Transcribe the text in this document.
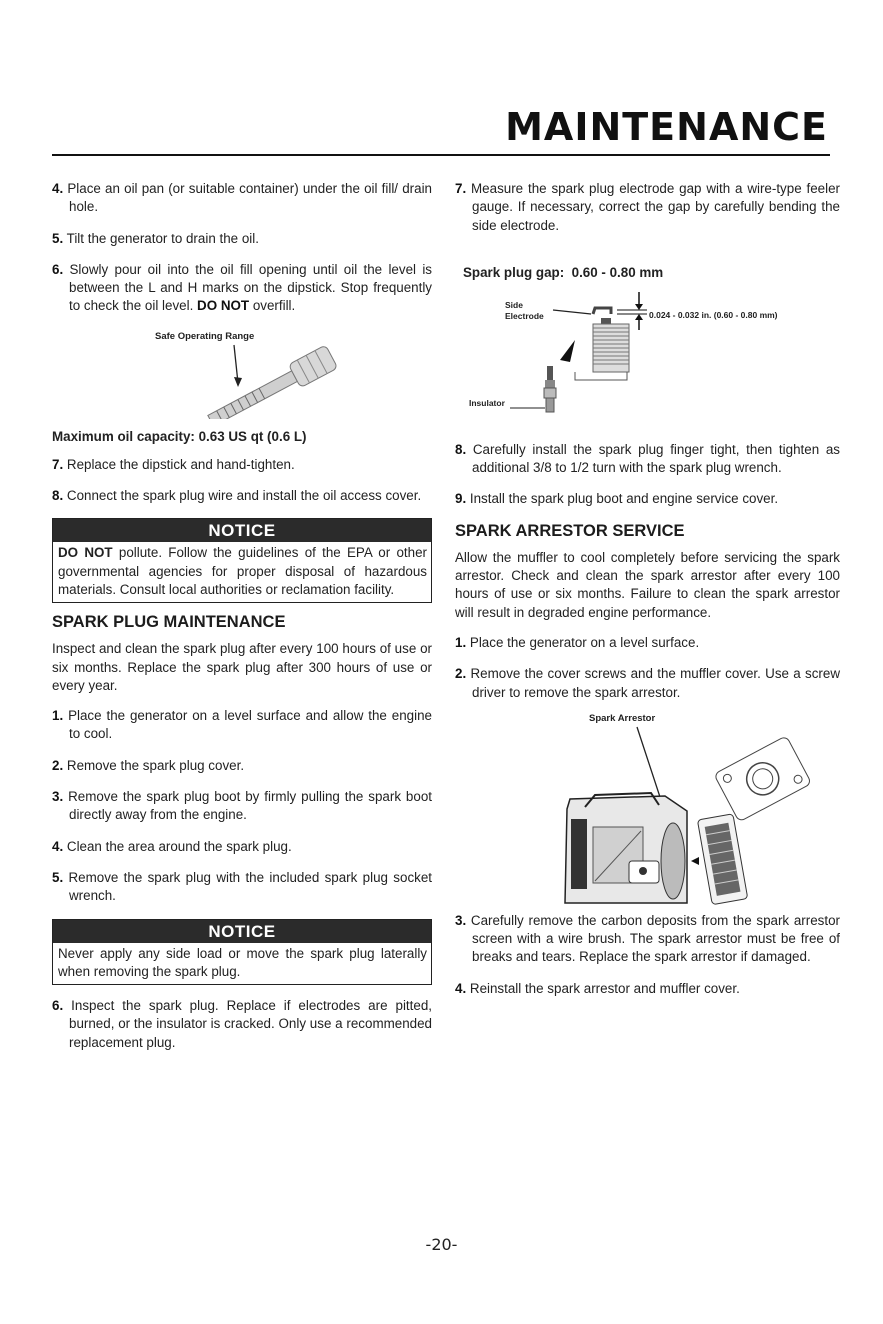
MAINTENANCE

4. Place an oil pan (or suitable container) under the oil fill/ drain hole.

5. Tilt the generator to drain the oil.

6. Slowly pour oil into the oil fill opening until oil the level is between the L and H marks on the dipstick. Stop frequently to check the oil level. DO NOT overfill.

Safe Operating Range

Maximum oil capacity: 0.63 US qt (0.6 L)

7. Replace the dipstick and hand-tighten.

8. Connect the spark plug wire and install the oil access cover.

NOTICE
DO NOT pollute. Follow the guidelines of the EPA or other governmental agencies for proper disposal of hazardous materials. Consult local authorities or reclamation facility.

SPARK PLUG MAINTENANCE

Inspect and clean the spark plug after every 100 hours of use or six months. Replace the spark plug after 300 hours of use or every year.

1. Place the generator on a level surface and allow the engine to cool.

2. Remove the spark plug cover.

3. Remove the spark plug boot by firmly pulling the spark boot directly away from the engine.

4. Clean the area around the spark plug.

5. Remove the spark plug with the included spark plug socket wrench.

NOTICE
Never apply any side load or move the spark plug laterally when removing the spark plug.

6. Inspect the spark plug. Replace if electrodes are pitted, burned, or the insulator is cracked. Only use a recommended replacement plug.

7. Measure the spark plug electrode gap with a wire-type feeler gauge. If necessary, correct the gap by carefully bending the side electrode.

Spark plug gap: 0.60 - 0.80 mm

Side
Electrode	0.024 - 0.032 in. (0.60 - 0.80 mm)
Insulator

8. Carefully install the spark plug finger tight, then tighten as additional 3/8 to 1/2 turn with the spark plug wrench.

9. Install the spark plug boot and engine service cover.

SPARK ARRESTOR SERVICE

Allow the muffler to cool completely before servicing the spark arrestor. Check and clean the spark arrestor after every 100 hours of use or six months. Failure to clean the spark arrestor will result in degraded engine performance.

1. Place the generator on a level surface.

2. Remove the cover screws and the muffler cover. Use a screw driver to remove the spark arrestor.

Spark Arrestor

3. Carefully remove the carbon deposits from the spark arrestor screen with a wire brush. The spark arrestor must be free of breaks and tears. Replace the spark arrestor if damaged.

4. Reinstall the spark arrestor and muffler cover.

-20-
